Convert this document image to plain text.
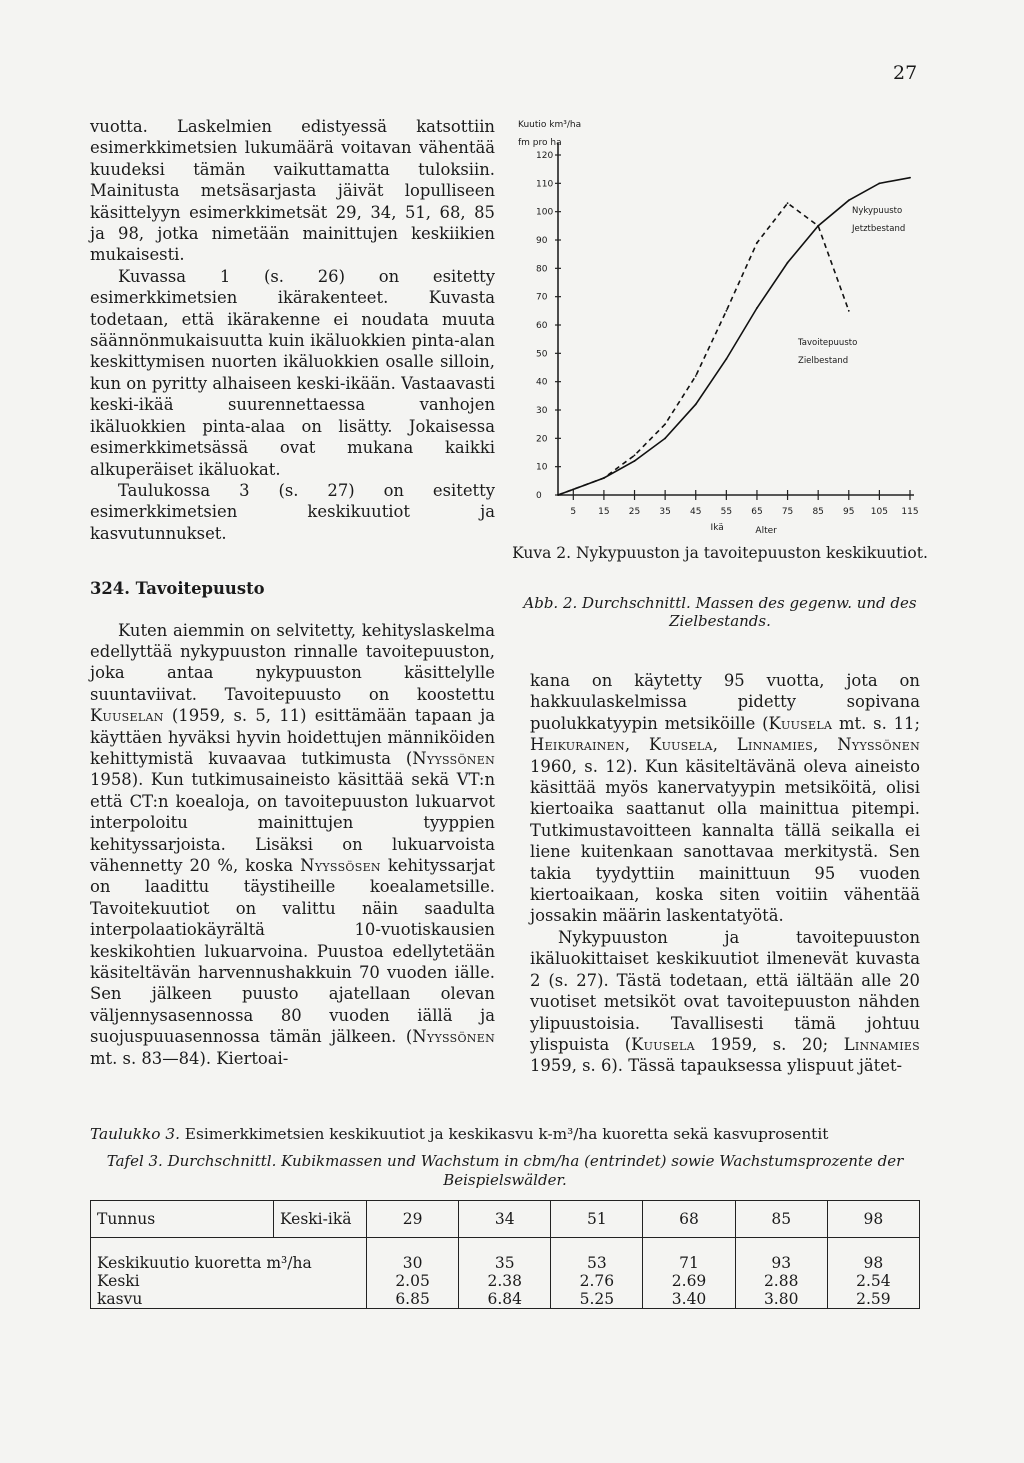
27

vuotta. Laskelmien edistyessä katsottiin esimerkkimetsien lukumäärä voitavan vähentää kuudeksi tämän vaikuttamatta tuloksiin. Mainitusta metsäsarjasta jäivät lopulliseen käsittelyyn esimerkkimetsät 29, 34, 51, 68, 85 ja 98, jotka nimetään mainittujen keskiikien mukaisesti.

Kuvassa 1 (s. 26) on esitetty esimerkkimetsien ikärakenteet. Kuvasta todetaan, että ikärakenne ei noudata muuta säännönmukaisuutta kuin ikäluokkien pinta-alan keskittymisen nuorten ikäluokkien osalle silloin, kun on pyritty alhaiseen keski-ikään. Vastaavasti keski-ikää suurennettaessa vanhojen ikäluokkien pinta-alaa on lisätty. Jokaisessa esimerkkimetsässä ovat mukana kaikki alkuperäiset ikäluokat.

Taulukossa 3 (s. 27) on esitetty esimerkkimetsien keskikuutiot ja kasvutunnukset.

324. Tavoitepuusto

Kuten aiemmin on selvitetty, kehityslaskelma edellyttää nykypuuston rinnalle tavoitepuuston, joka antaa nykypuuston käsittelylle suuntaviivat. Tavoitepuusto on koostettu Kuuselan (1959, s. 5, 11) esittämään tapaan ja käyttäen hyväksi hyvin hoidettujen männiköiden kehittymistä kuvaavaa tutkimusta (Nyyssönen 1958). Kun tutkimusaineisto käsittää sekä VT:n että CT:n koealoja, on tavoitepuuston lukuarvot interpoloitu mainittujen tyyppien kehityssarjoista. Lisäksi on lukuarvoista vähennetty 20 %, koska Nyyssösen kehityssarjat on laadittu täystiheille koealametsille. Tavoitekuutiot on valittu näin saadulta interpolaatiokäyrältä 10-vuotiskausien keskikohtien lukuarvoina. Puustoa edellytetään käsiteltävän harvennushakkuin 70 vuoden iälle. Sen jälkeen puusto ajatellaan olevan väljennysasennossa 80 vuoden iällä ja suojuspuuasennossa tämän jälkeen. (Nyyssönen mt. s. 83—84). Kiertoai-

Kuutio km³/ha
fm pro ha
0
10
20
30
40
50
60
70
80
90
100
110
120
5 15 25 35 45 55 65 75 85 95 105 115
Ikä	Alter
Nykypuusto
Jetztbestand
Tavoitepuusto
Zielbestand
Kuva 2. Nykypuuston ja tavoitepuuston keskikuutiot.
Abb. 2. Durchschnittl. Massen des gegenw. und des Zielbestands.

kana on käytetty 95 vuotta, jota on hakkuulaskelmissa pidetty sopivana puolukkatyypin metsiköille (Kuusela mt. s. 11; Heikurainen, Kuusela, Linnamies, Nyyssönen 1960, s. 12). Kun käsiteltävänä oleva aineisto käsittää myös kanervatyypin metsiköitä, olisi kiertoaika saattanut olla mainittua pitempi. Tutkimustavoitteen kannalta tällä seikalla ei liene kuitenkaan sanottavaa merkitystä. Sen takia tyydyttiin mainittuun 95 vuoden kiertoaikaan, koska siten voitiin vähentää jossakin määrin laskentatyötä.

Nykypuuston ja tavoitepuuston ikäluokittaiset keskikuutiot ilmenevät kuvasta 2 (s. 27). Tästä todetaan, että iältään alle 20 vuotiset metsiköt ovat tavoitepuuston nähden ylipuustoisia. Tavallisesti tämä johtuu ylispuista (Kuusela 1959, s. 20; Linnamies 1959, s. 6). Tässä tapauksessa ylispuut jätet-

Taulukko 3. Esimerkkimetsien keskikuutiot ja keskikasvu k-m³/ha kuoretta sekä kasvuprosentit
Tafel 3. Durchschnittl. Kubikmassen und Wachstum in cbm/ha (entrindet) sowie Wachstumsprozente der Beispielswälder.
Tunnus	Keski-ikä	29	34	51	68	85	98

Keskikuutio kuoretta m³/ha		30	35	53	71	93	98
Keski		2.05	2.38	2.76	2.69	2.88	2.54
kasvu		6.85	6.84	5.25	3.40	3.80	2.59
